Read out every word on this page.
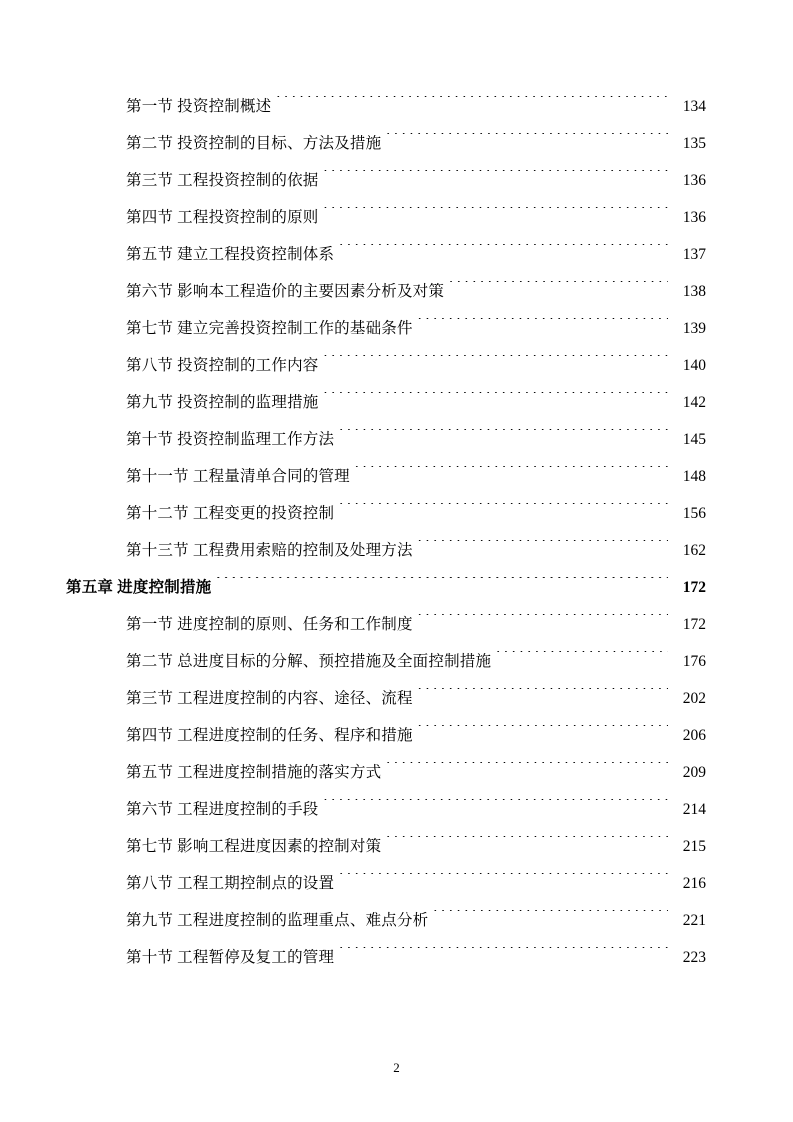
第一节 投资控制概述 . . .	134
第二节 投资控制的目标、方法及措施 . . .	135
第三节 工程投资控制的依据 . . .	136
第四节 工程投资控制的原则 . . .	136
第五节 建立工程投资控制体系 . . .	137
第六节 影响本工程造价的主要因素分析及对策 . . .	138
第七节 建立完善投资控制工作的基础条件 . . .	139
第八节 投资控制的工作内容 . . .	140
第九节 投资控制的监理措施 . . .	142
第十节 投资控制监理工作方法 . . .	145
第十一节 工程量清单合同的管理 . . .	148
第十二节 工程变更的投资控制 . . .	156
第十三节 工程费用索赔的控制及处理方法 . . .	162
第五章 进度控制措施 . . .	172
第一节 进度控制的原则、任务和工作制度 . . .	172
第二节 总进度目标的分解、预控措施及全面控制措施 . . .	176
第三节 工程进度控制的内容、途径、流程 . . .	202
第四节 工程进度控制的任务、程序和措施 . . .	206
第五节 工程进度控制措施的落实方式 . . .	209
第六节 工程进度控制的手段 . . .	214
第七节 影响工程进度因素的控制对策 . . .	215
第八节 工程工期控制点的设置 . . .	216
第九节 工程进度控制的监理重点、难点分析 . . .	221
第十节 工程暂停及复工的管理 . . .	223
2
